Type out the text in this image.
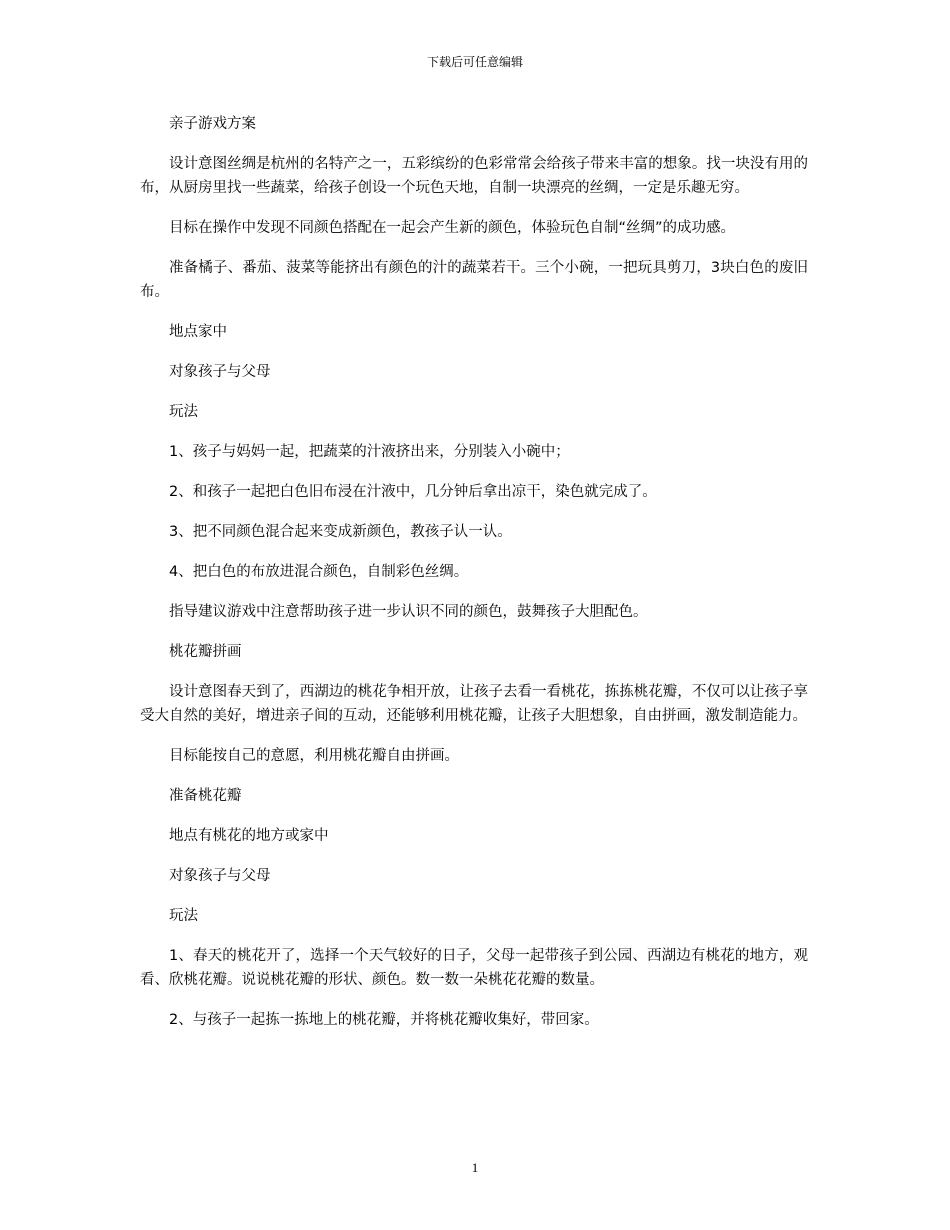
下载后可任意编辑

亲子游戏方案

设计意图丝绸是杭州的名特产之一，五彩缤纷的色彩常常会给孩子带来丰富的想象。找一块没有用的布，从厨房里找一些蔬菜，给孩子创设一个玩色天地，自制一块漂亮的丝绸，一定是乐趣无穷。

目标在操作中发现不同颜色搭配在一起会产生新的颜色，体验玩色自制“丝绸”的成功感。

准备橘子、番茄、菠菜等能挤出有颜色的汁的蔬菜若干。三个小碗，一把玩具剪刀，3块白色的废旧布。

地点家中

对象孩子与父母

玩法

1、孩子与妈妈一起，把蔬菜的汁液挤出来，分别装入小碗中；

2、和孩子一起把白色旧布浸在汁液中，几分钟后拿出凉干，染色就完成了。

3、把不同颜色混合起来变成新颜色，教孩子认一认。

4、把白色的布放进混合颜色，自制彩色丝绸。

指导建议游戏中注意帮助孩子进一步认识不同的颜色，鼓舞孩子大胆配色。

桃花瓣拼画

设计意图春天到了，西湖边的桃花争相开放，让孩子去看一看桃花，拣拣桃花瓣，不仅可以让孩子享受大自然的美好，增进亲子间的互动，还能够利用桃花瓣，让孩子大胆想象，自由拼画，激发制造能力。

目标能按自己的意愿，利用桃花瓣自由拼画。

准备桃花瓣

地点有桃花的地方或家中

对象孩子与父母

玩法

1、春天的桃花开了，选择一个天气较好的日子，父母一起带孩子到公园、西湖边有桃花的地方，观看、欣桃花瓣。说说桃花瓣的形状、颜色。数一数一朵桃花花瓣的数量。

2、与孩子一起拣一拣地上的桃花瓣，并将桃花瓣收集好，带回家。

1
